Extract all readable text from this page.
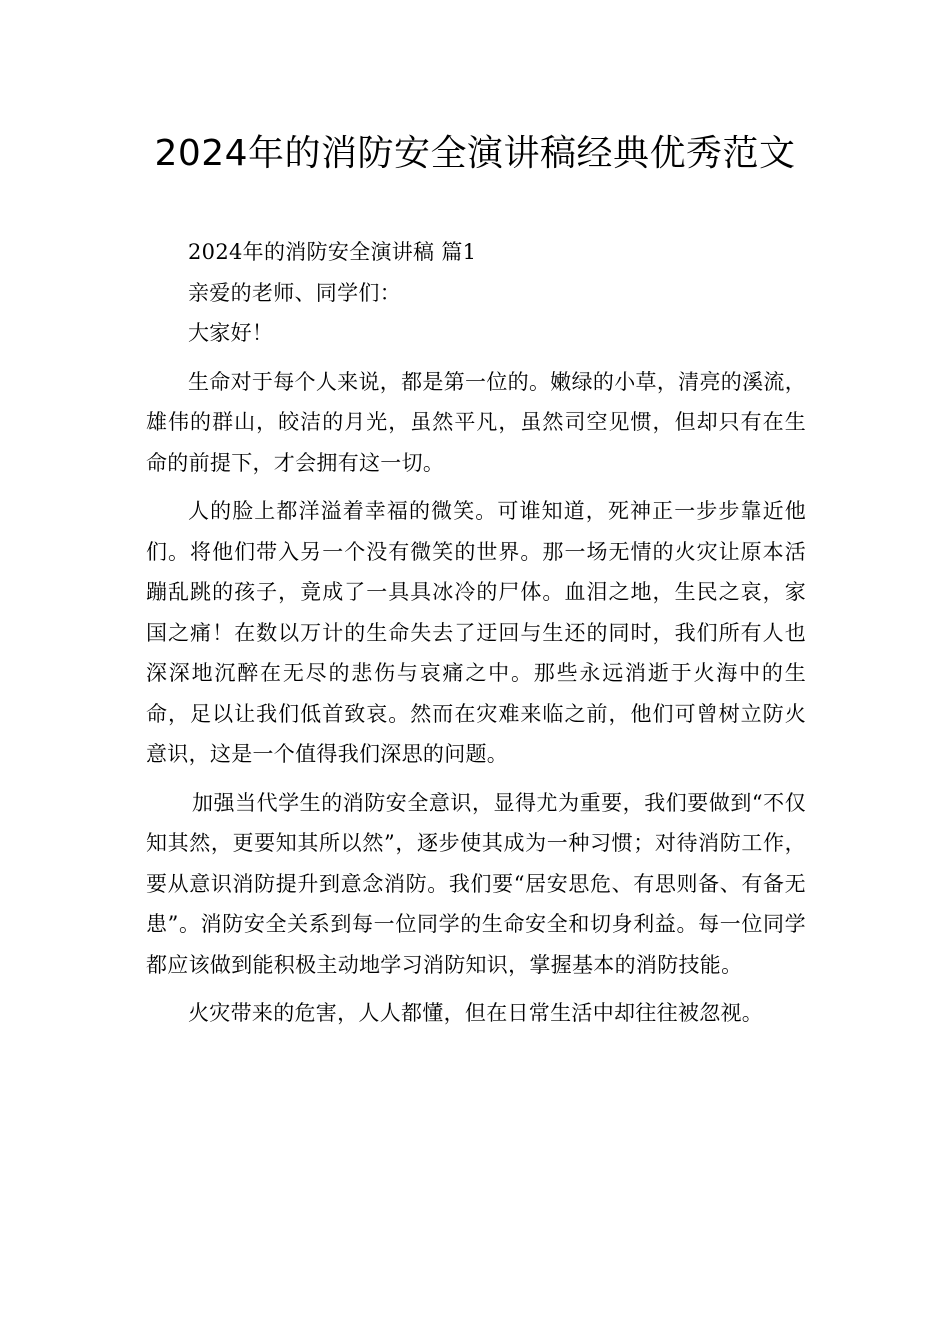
2024年的消防安全演讲稿经典优秀范文

2024年的消防安全演讲稿 篇1

亲爱的老师、同学们：

大家好！

生命对于每个人来说，都是第一位的。嫩绿的小草，清亮的溪流，雄伟的群山，皎洁的月光，虽然平凡，虽然司空见惯，但却只有在生命的前提下，才会拥有这一切。

人的脸上都洋溢着幸福的微笑。可谁知道，死神正一步步靠近他们。将他们带入另一个没有微笑的世界。那一场无情的火灾让原本活蹦乱跳的孩子，竟成了一具具冰冷的尸体。血泪之地，生民之哀，家国之痛！在数以万计的生命失去了迂回与生还的同时，我们所有人也深深地沉醉在无尽的悲伤与哀痛之中。那些永远消逝于火海中的生命，足以让我们低首致哀。然而在灾难来临之前，他们可曾树立防火意识，这是一个值得我们深思的问题。

加强当代学生的消防安全意识，显得尤为重要，我们要做到“不仅知其然，更要知其所以然”，逐步使其成为一种习惯；对待消防工作，要从意识消防提升到意念消防。我们要“居安思危、有思则备、有备无患”。消防安全关系到每一位同学的生命安全和切身利益。每一位同学都应该做到能积极主动地学习消防知识，掌握基本的消防技能。

火灾带来的危害，人人都懂，但在日常生活中却往往被忽视。
